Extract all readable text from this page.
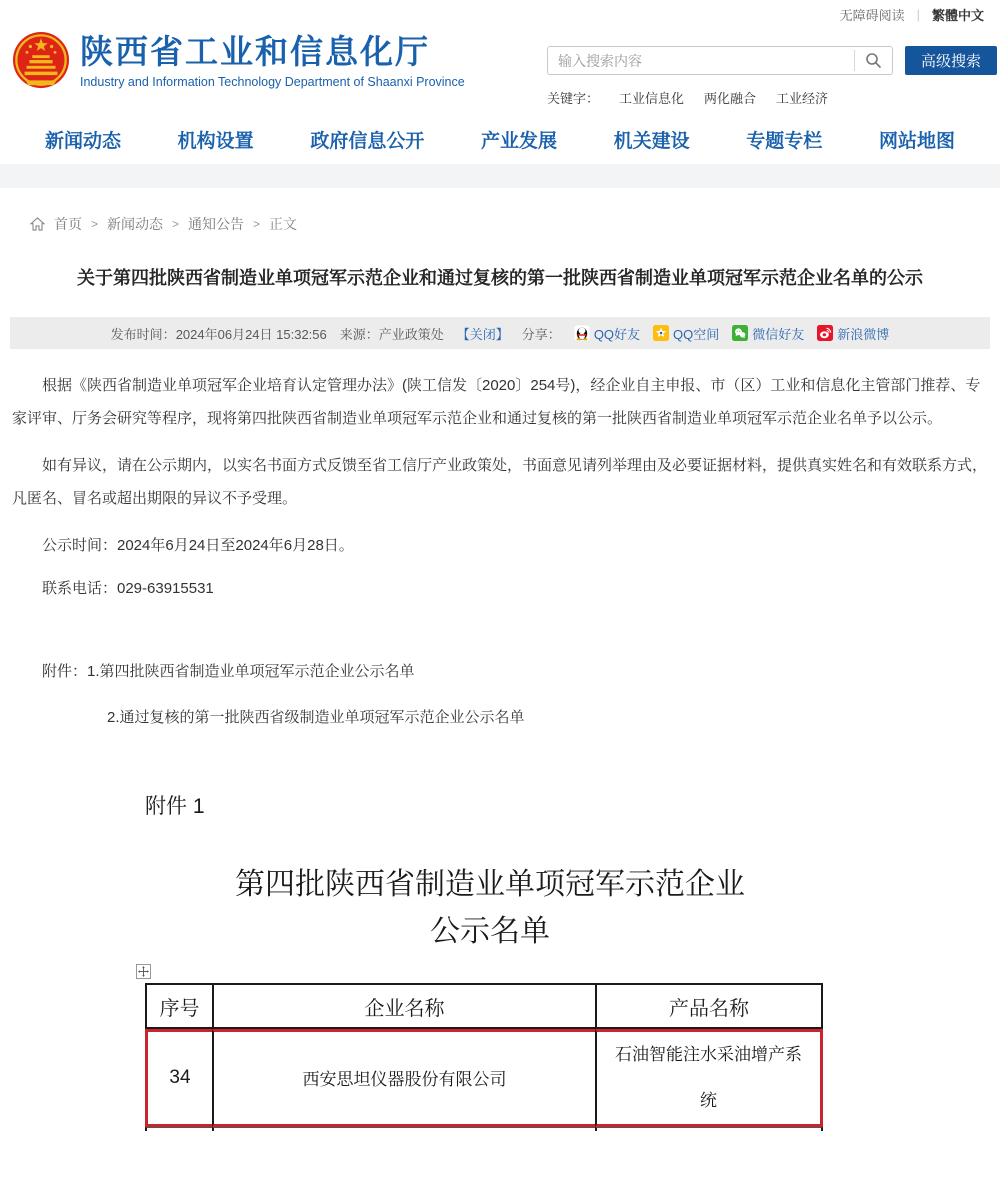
无障碍阅读 | 繁體中文
陕西省工业和信息化厅
Industry and Information Technology Department of Shaanxi Province
输入搜索内容
高级搜索
关键字： 工业信息化 两化融合 工业经济
新闻动态	机构设置	政府信息公开	产业发展	机关建设	专题专栏	网站地图
首页 > 新闻动态 > 通知公告 > 正文
关于第四批陕西省制造业单项冠军示范企业和通过复核的第一批陕西省制造业单项冠军示范企业名单的公示
发布时间：2024年06月24日 15:32:56 来源：产业政策处 【关闭】 分享：	QQ好友	QQ空间	微信好友	新浪微博

根据《陕西省制造业单项冠军企业培育认定管理办法》(陕工信发〔2020〕254号)，经企业自主申报、市（区）工业和信息化主管部门推荐、专家评审、厅务会研究等程序，现将第四批陕西省制造业单项冠军示范企业和通过复核的第一批陕西省制造业单项冠军示范企业名单予以公示。

如有异议，请在公示期内，以实名书面方式反馈至省工信厅产业政策处，书面意见请列举理由及必要证据材料，提供真实姓名和有效联系方式，凡匿名、冒名或超出期限的异议不予受理。

公示时间：2024年6月24日至2024年6月28日。

联系电话：029-63915531

附件：1.第四批陕西省制造业单项冠军示范企业公示名单

2.通过复核的第一批陕西省级制造业单项冠军示范企业公示名单

附件 1
第四批陕西省制造业单项冠军示范企业
公示名单
序号	企业名称	产品名称
34	西安思坦仪器股份有限公司	石油智能注水采油增产系统
